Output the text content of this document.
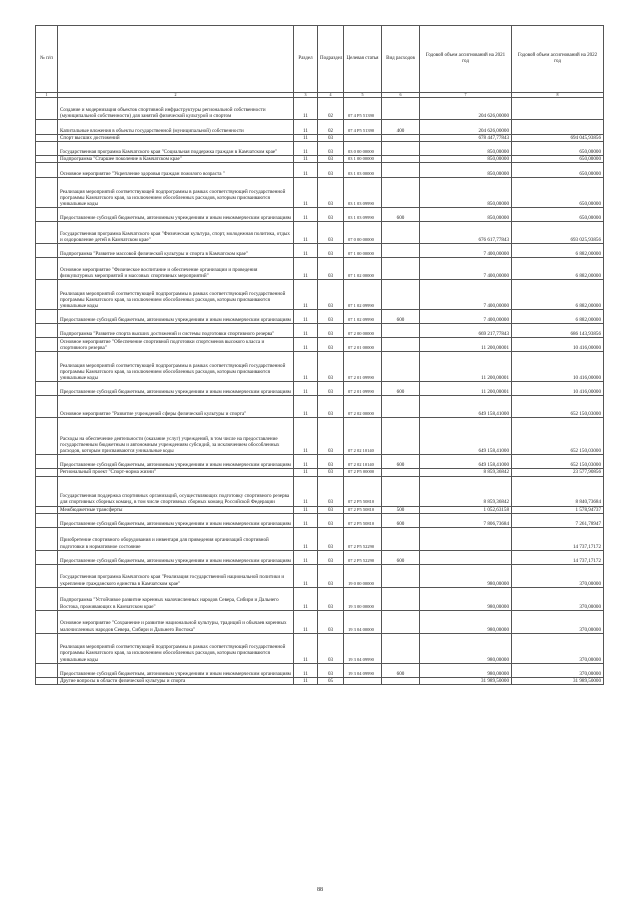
№ п/п		Раздел	Подраздел	Целевая статья	Вид расходов	Годовой объем ассигнований на 2021 год	Годовой объем ассигнований на 2022 год
1	2	3	4	5	6	7	8
	Создание и модернизация объектов спортивной инфраструктуры региональной собственности (муниципальной собственности) для занятий физической культурой и спортом	11	02	07 4 P5 51390		204 626,00000	
	Капитальные вложения в объекты государственной (муниципальной) собственности	11	02	07 4 P5 51390	400	204 626,00000	
	Спорт высших достижений	11	03			678 447,77843	694 045,93856
	Государственная программа Камчатского края "Социальная поддержка граждан в Камчатском крае"	11	03	03 0 00 00000		850,00000	650,00000
	Подпрограмма "Старшее поколение в Камчатском крае"	11	03	03 1 00 00000		850,00000	650,00000
	Основное мероприятие "Укрепление здоровья граждан пожилого возраста "	11	03	03 1 03 00000		850,00000	650,00000
	Реализация мероприятий соответствующей подпрограммы в рамках соответствующей государственной программы Камчатского края, за исключением обособленных расходов, которым присваиваются уникальные коды	11	03	03 1 03 09990		850,00000	650,00000
	Предоставление субсидий бюджетным, автономным учреждениям и иным некоммерческим организациям	11	03	03 1 03 09990	600	850,00000	650,00000
	Государственная программа Камчатского края "Физическая культура, спорт, молодежная политика, отдых и оздоровление детей в Камчатском крае"	11	03	07 0 00 00000		676 617,77843	693 025,93856
	Подпрограмма "Развитие массовой физической культуры и спорта в Камчатском крае"	11	03	07 1 00 00000		7 400,00000	6 882,00000
	Основное мероприятие "Физическое воспитание и обеспечение организации и проведения физкультурных мероприятий и массовых спортивных мероприятий"	11	03	07 1 02 00000		7 400,00000	6 882,00000
	Реализация мероприятий соответствующей подпрограммы в рамках соответствующей государственной программы Камчатского края, за исключением обособленных расходов, которым присваиваются уникальные коды	11	03	07 1 02 09990		7 400,00000	6 882,00000
	Предоставление субсидий бюджетным, автономным учреждениям и иным некоммерческим организациям	11	03	07 1 02 09990	600	7 400,00000	6 882,00000
	Подпрограмма "Развитие спорта высших достижений и системы подготовки спортивного резерва"	11	03	07 2 00 00000		669 217,77843	686 143,93856
	Основное мероприятие "Обеспечение спортивной подготовки спортсменов высокого класса и спортивного резерва"	11	03	07 2 01 00000		11 200,00001	10 416,00000
	Реализация мероприятий соответствующей подпрограммы в рамках соответствующей государственной программы Камчатского края, за исключением обособленных расходов, которым присваиваются уникальные коды	11	03	07 2 01 09990		11 200,00001	10 416,00000
	Предоставление субсидий бюджетным, автономным учреждениям и иным некоммерческим организациям	11	03	07 2 01 09990	600	11 200,00001	10 416,00000
	Основное мероприятие "Развитие учреждений сферы физической культуры и спорта"	11	03	07 2 02 00000		649 158,41000	652 150,03000
	Расходы на обеспечение деятельности (оказание услуг) учреждений, в том числе на предоставление государственным бюджетным и автономным учреждениям субсидий, за исключением обособленных расходов, которым присваиваются уникальные коды	11	03	07 2 02 10140		649 158,41000	652 150,03000
	Предоставление субсидий бюджетным, автономным учреждениям и иным некоммерческим организациям	11	03	07 2 02 10140	600	649 158,41000	652 150,03000
	Региональный проект "Спорт-норма жизни"	11	03	07 2 P5 00000		8 859,36842	23 577,90856
	Государственная поддержка спортивных организаций, осуществляющих подготовку спортивного резерва для спортивных сборных команд, в том числе спортивных сборных команд Российской Федерации	11	03	07 2 P5 50810		8 859,36842	8 840,73684
	Межбюджетные трансферты	11	03	07 2 P5 50810	500	1 052,63158	1 578,94737
	Предоставление субсидий бюджетным, автономным учреждениям и иным некоммерческим организациям	11	03	07 2 P5 50810	600	7 806,73684	7 261,78947
	Приобретение спортивного оборудования и инвентаря для приведения организаций спортивной подготовки в нормативное состояние	11	03	07 2 P5 52290			14 737,17172
	Предоставление субсидий бюджетным, автономным учреждениям и иным некоммерческим организациям	11	03	07 2 P5 52290	600		14 737,17172
	Государственная программа Камчатского края "Реализация государственной национальной политики и укрепление гражданского единства в Камчатском крае"	11	03	19 0 00 00000		980,00000	370,00000
	Подпрограмма "Устойчивое развитие коренных малочисленных народов Севера, Сибири и Дальнего Востока, проживающих в Камчатском крае"	11	03	19 3 00 00000		980,00000	370,00000
	Основное мероприятие "Сохранение и развитие национальной культуры, традиций и обычаев коренных малочисленных народов Севера, Сибири и Дальнего Востока"	11	03	19 3 04 00000		980,00000	370,00000
	Реализация мероприятий соответствующей подпрограммы в рамках соответствующей государственной программы Камчатского края, за исключением обособленных расходов, которым присваиваются уникальные коды	11	03	19 3 04 09990		980,00000	370,00000
	Предоставление субсидий бюджетным, автономным учреждениям и иным некоммерческим организациям	11	03	19 3 04 09990	600	980,00000	370,00000
	Другие вопросы в области физической культуры и спорта	11	05			31 989,50000	31 989,50000
88
